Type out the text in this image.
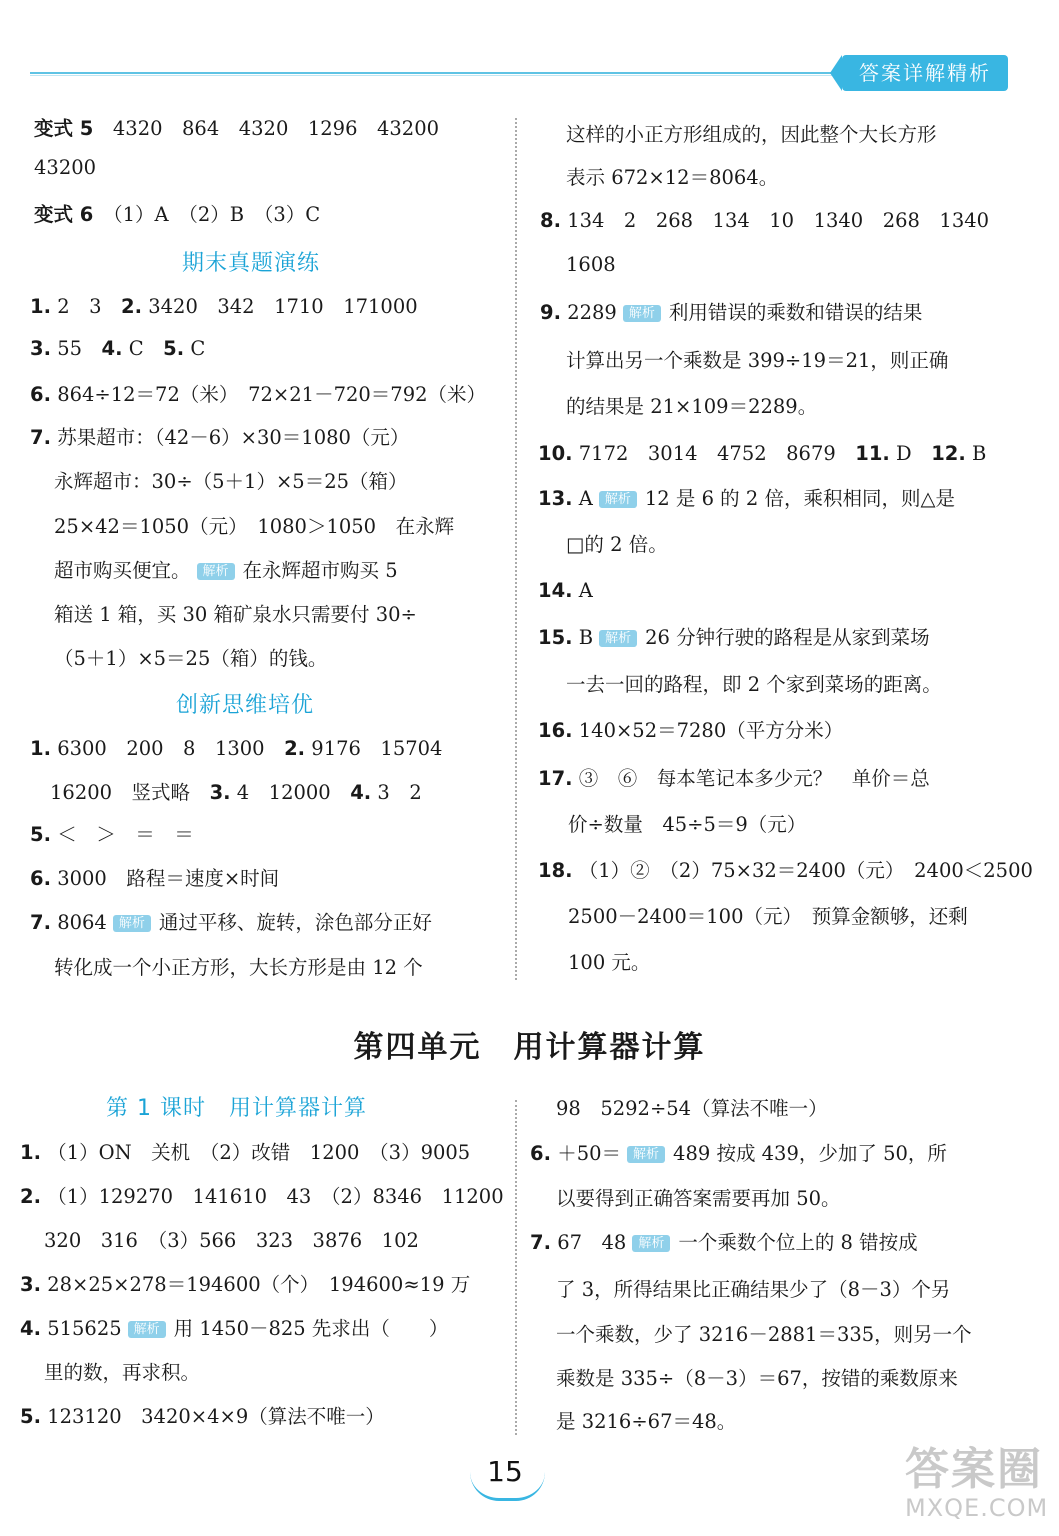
答案详解精析
变式 5　 4320　864　4320　1296　43200
43200
变式 6　 （1）A　（2）B　（3）C
期末真题演练
1. 2　3　 2. 3420　342　1710　171000
3. 55　 4. C　 5. C
6. 864÷12＝72（米）　72×21－720＝792（米）
7. 苏果超市：（42－6）×30＝1080（元）
永辉超市：30÷（5＋1）×5＝25（箱）
25×42＝1050（元）　1080＞1050　在永辉
超市购买便宜。 解析 在永辉超市购买 5
箱送 1 箱，买 30 箱矿泉水只需要付 30÷
（5＋1）×5＝25（箱）的钱。
创新思维培优
1. 6300　200　8　1300　 2. 9176　15704
16200　竖式略　 3. 4　12000　 4. 3　2
5. ＜　＞　＝　＝
6. 3000　路程＝速度×时间
7. 8064 解析 通过平移、旋转，涂色部分正好
转化成一个小正方形，大长方形是由 12 个
这样的小正方形组成的，因此整个大长方形
表示 672×12＝8064。
8. 134　2　268　134　10　1340　268　1340
1608
9. 2289 解析 利用错误的乘数和错误的结果
计算出另一个乘数是 399÷19＝21，则正确
的结果是 21×109＝2289。
10. 7172　3014　4752　8679　 11. D　 12. B
13. A 解析 12 是 6 的 2 倍，乘积相同，则△是
□的 2 倍。
14. A
15. B 解析 26 分钟行驶的路程是从家到菜场
一去一回的路程，即 2 个家到菜场的距离。
16. 140×52＝7280（平方分米）
17. ③　⑥　每本笔记本多少元？　单价＝总
价÷数量　45÷5＝9（元）
18. （1）②　（2）75×32＝2400（元）　2400＜2500
2500－2400＝100（元）　预算金额够，还剩
100 元。
第四单元　用计算器计算
第 1 课时　用计算器计算
1. （1）ON　关机　（2）改错　1200　（3）9005
2. （1）129270　141610　43　（2）8346　11200
320　316　（3）566　323　3876　102
3. 28×25×278＝194600（个）　194600≈19 万
4. 515625 解析 用 1450－825 先求出（　　）
里的数，再求积。
5. 123120　3420×4×9（算法不唯一）
98　5292÷54（算法不唯一）
6. ＋50＝ 解析 489 按成 439，少加了 50，所
以要得到正确答案需要再加 50。
7. 67　48 解析 一个乘数个位上的 8 错按成
了 3，所得结果比正确结果少了（8－3）个另
一个乘数，少了 3216－2881＝335，则另一个
乘数是 335÷（8－3）＝67，按错的乘数原来
是 3216÷67＝48。
15	答案圈
MXQE.COM
